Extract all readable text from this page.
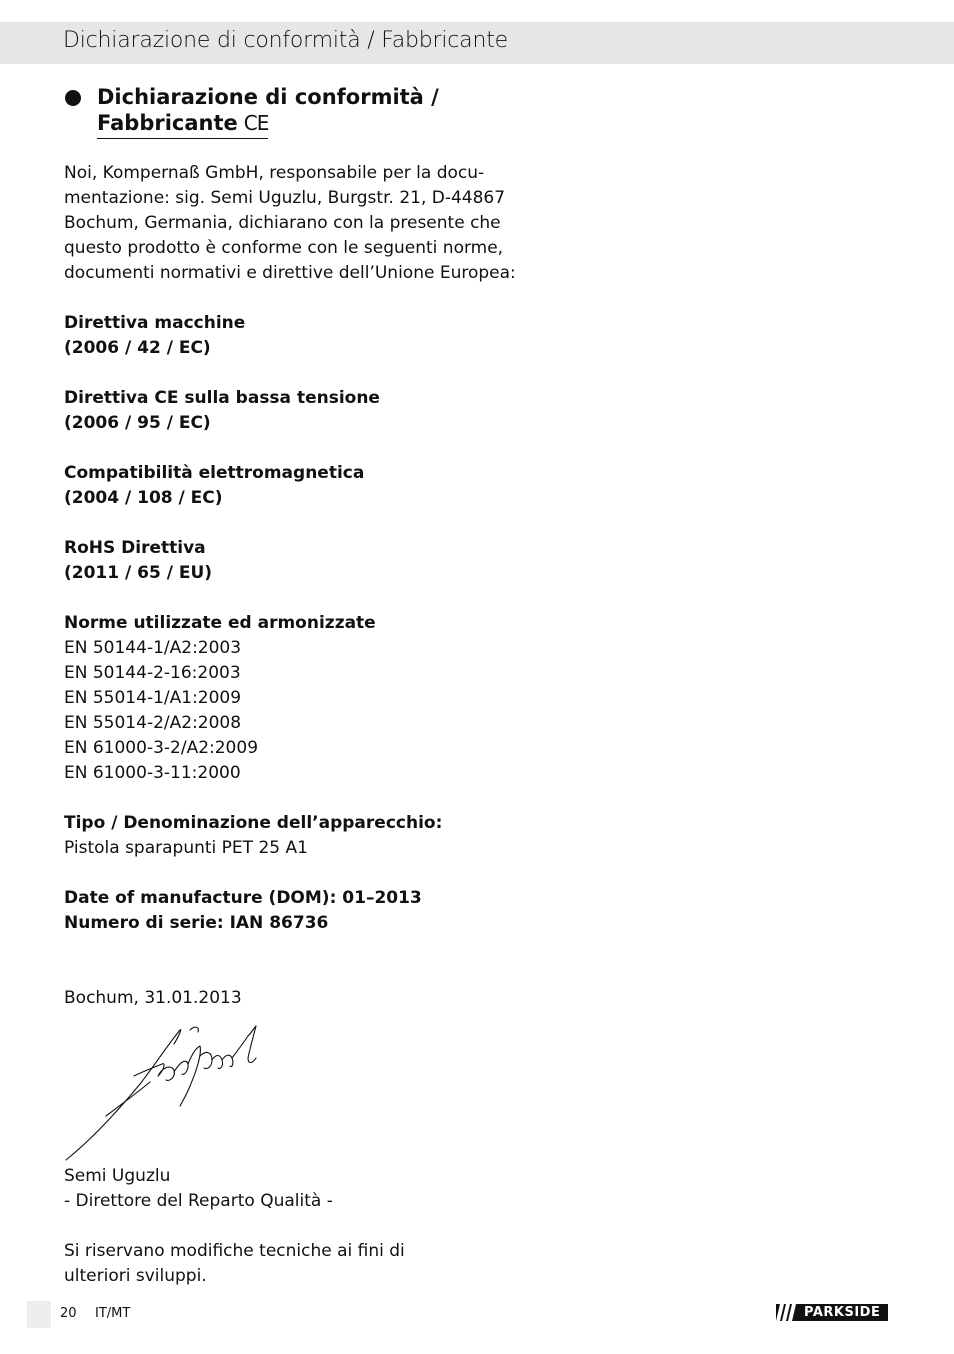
Dichiarazione di conformità / Fabbricante
Dichiarazione di conformità /
Fabbricante CE

Noi, Kompernaß GmbH, responsabile per la docu-
mentazione: sig. Semi Uguzlu, Burgstr. 21, D-44867
Bochum, Germania, dichiarano con la presente che
questo prodotto è conforme con le seguenti norme,
documenti normativi e direttive dell’Unione Europea:

Direttiva macchine
(2006 / 42 / EC)

Direttiva CE sulla bassa tensione
(2006 / 95 / EC)

Compatibilità elettromagnetica
(2004 / 108 / EC)

RoHS Direttiva
(2011 / 65 / EU)

Norme utilizzate ed armonizzate
EN 50144-1/A2:2003
EN 50144-2-16:2003
EN 55014-1/A1:2009
EN 55014-2/A2:2008
EN 61000-3-2/A2:2009
EN 61000-3-11:2000

Tipo / Denominazione dell’apparecchio:
Pistola sparapunti PET 25 A1

Date of manufacture (DOM): 01–2013
Numero di serie: IAN 86736

Bochum, 31.01.2013

Semi Uguzlu
- Direttore del Reparto Qualità -

Si riservano modifiche tecniche ai fini di
ulteriori sviluppi.

20 IT/MT	PARKSIDE
